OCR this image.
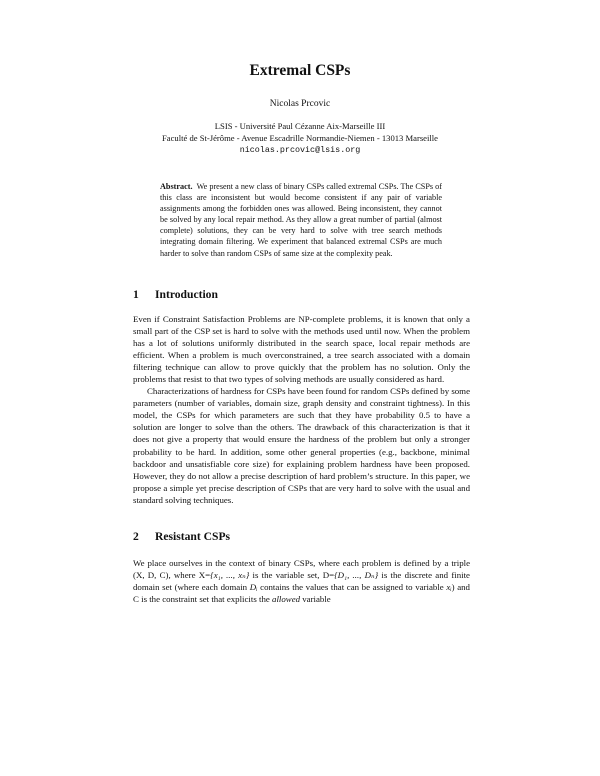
Extremal CSPs
Nicolas Prcovic
LSIS - Université Paul Cézanne Aix-Marseille III
Faculté de St-Jérôme - Avenue Escadrille Normandie-Niemen - 13013 Marseille
nicolas.prcovic@lsis.org
Abstract. We present a new class of binary CSPs called extremal CSPs. The CSPs of this class are inconsistent but would become consistent if any pair of variable assignments among the forbidden ones was allowed. Being inconsistent, they cannot be solved by any local repair method. As they allow a great number of partial (almost complete) solutions, they can be very hard to solve with tree search methods integrating domain filtering. We experiment that balanced extremal CSPs are much harder to solve than random CSPs of same size at the complexity peak.
1 Introduction

Even if Constraint Satisfaction Problems are NP-complete problems, it is known that only a small part of the CSP set is hard to solve with the methods used until now. When the problem has a lot of solutions uniformly distributed in the search space, local repair methods are efficient. When a problem is much overconstrained, a tree search associated with a domain filtering technique can allow to prove quickly that the problem has no solution. Only the problems that resist to that two types of solving methods are usually considered as hard.

Characterizations of hardness for CSPs have been found for random CSPs defined by some parameters (number of variables, domain size, graph density and constraint tightness). In this model, the CSPs for which parameters are such that they have probability 0.5 to have a solution are longer to solve than the others. The drawback of this characterization is that it does not give a property that would ensure the hardness of the problem but only a stronger probability to be hard. In addition, some other general properties (e.g., backbone, minimal backdoor and unsatisfiable core size) for explaining problem hardness have been proposed. However, they do not allow a precise description of hard problem’s structure. In this paper, we propose a simple yet precise description of CSPs that are very hard to solve with the usual and standard solving techniques.

2 Resistant CSPs

We place ourselves in the context of binary CSPs, where each problem is defined by a triple (X, D, C), where X={x₁, ..., xₙ} is the variable set, D={D₁, ..., Dₙ} is the discrete and finite domain set (where each domain Dᵢ contains the values that can be assigned to variable xᵢ) and C is the constraint set that explicits the allowed variable
